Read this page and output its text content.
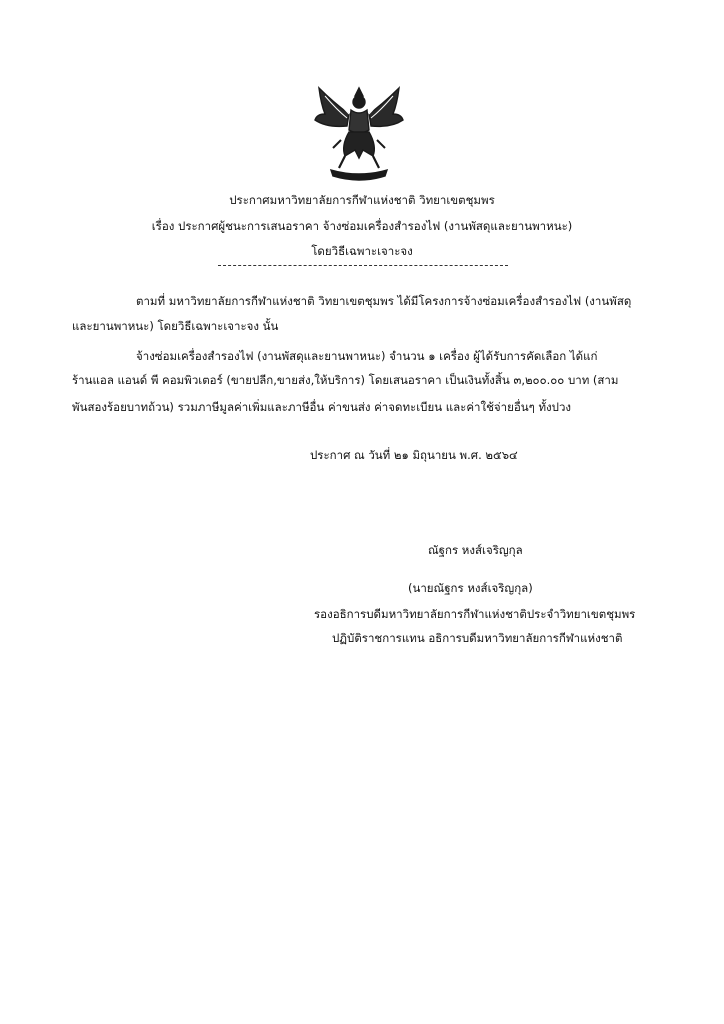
ประกาศมหาวิทยาลัยการกีฬาแห่งชาติ วิทยาเขตชุมพร
เรื่อง ประกาศผู้ชนะการเสนอราคา จ้างซ่อมเครื่องสำรองไฟ (งานพัสดุและยานพาหนะ)
โดยวิธีเฉพาะเจาะจง
ตามที่ มหาวิทยาลัยการกีฬาแห่งชาติ วิทยาเขตชุมพร ได้มีโครงการจ้างซ่อมเครื่องสำรองไฟ (งานพัสดุ
และยานพาหนะ) โดยวิธีเฉพาะเจาะจง นั้น
จ้างซ่อมเครื่องสำรองไฟ (งานพัสดุและยานพาหนะ) จำนวน ๑ เครื่อง ผู้ได้รับการคัดเลือก ได้แก่
ร้านแอล แอนด์ พี คอมพิวเตอร์ (ขายปลีก,ขายส่ง,ให้บริการ) โดยเสนอราคา เป็นเงินทั้งสิ้น ๓,๒๐๐.๐๐ บาท (สาม
พันสองร้อยบาทถ้วน) รวมภาษีมูลค่าเพิ่มและภาษีอื่น ค่าขนส่ง ค่าจดทะเบียน และค่าใช้จ่ายอื่นๆ ทั้งปวง
ประกาศ ณ วันที่ ๒๑ มิถุนายน พ.ศ. ๒๕๖๔
ณัฐกร หงส์เจริญกุล
(นายณัฐกร หงส์เจริญกุล)
รองอธิการบดีมหาวิทยาลัยการกีฬาแห่งชาติประจำวิทยาเขตชุมพร
ปฏิบัติราชการแทน อธิการบดีมหาวิทยาลัยการกีฬาแห่งชาติ
